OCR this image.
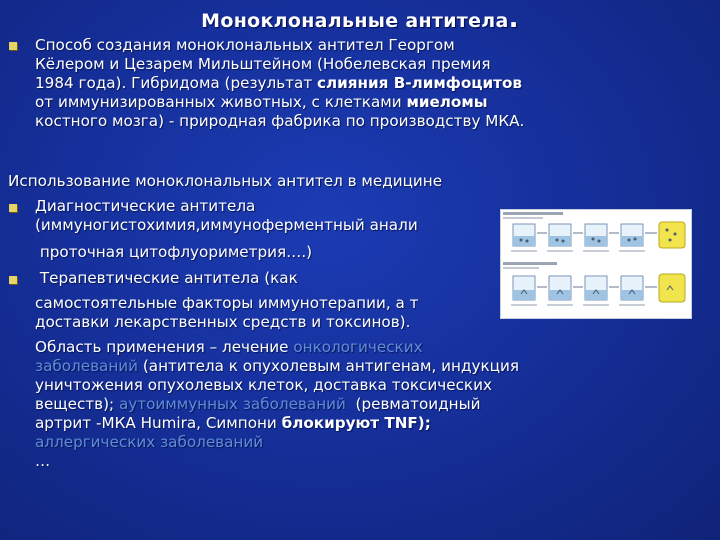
Моноклональные антитела.
Способ создания моноклональных антител Георгом
Кёлером и Цезарем Мильштейном (Нобелевская премия
1984 года). Гибридома (результат слияния В-лимфоцитов
от иммунизированных животных, с клетками миеломы
костного мозга) - природная фабрика по производству МКА.
Использование моноклональных антител в медицине
Диагностические антитела
(иммуногистохимия,иммуноферментный анали
проточная цитофлуориметрия….)
Терапевтические антитела (как
самостоятельные факторы иммунотерапии, а т
доставки лекарственных средств и токсинов).
Область применения – лечение онкологических
заболеваний (антитела к опухолевым антигенам, индукция
уничтожения опухолевых клеток, доставка токсических
веществ); аутоиммунных заболеваний  (ревматоидный
артрит -МКА Humira, Симпони блокируют TNF);
аллергических заболеваний
…
